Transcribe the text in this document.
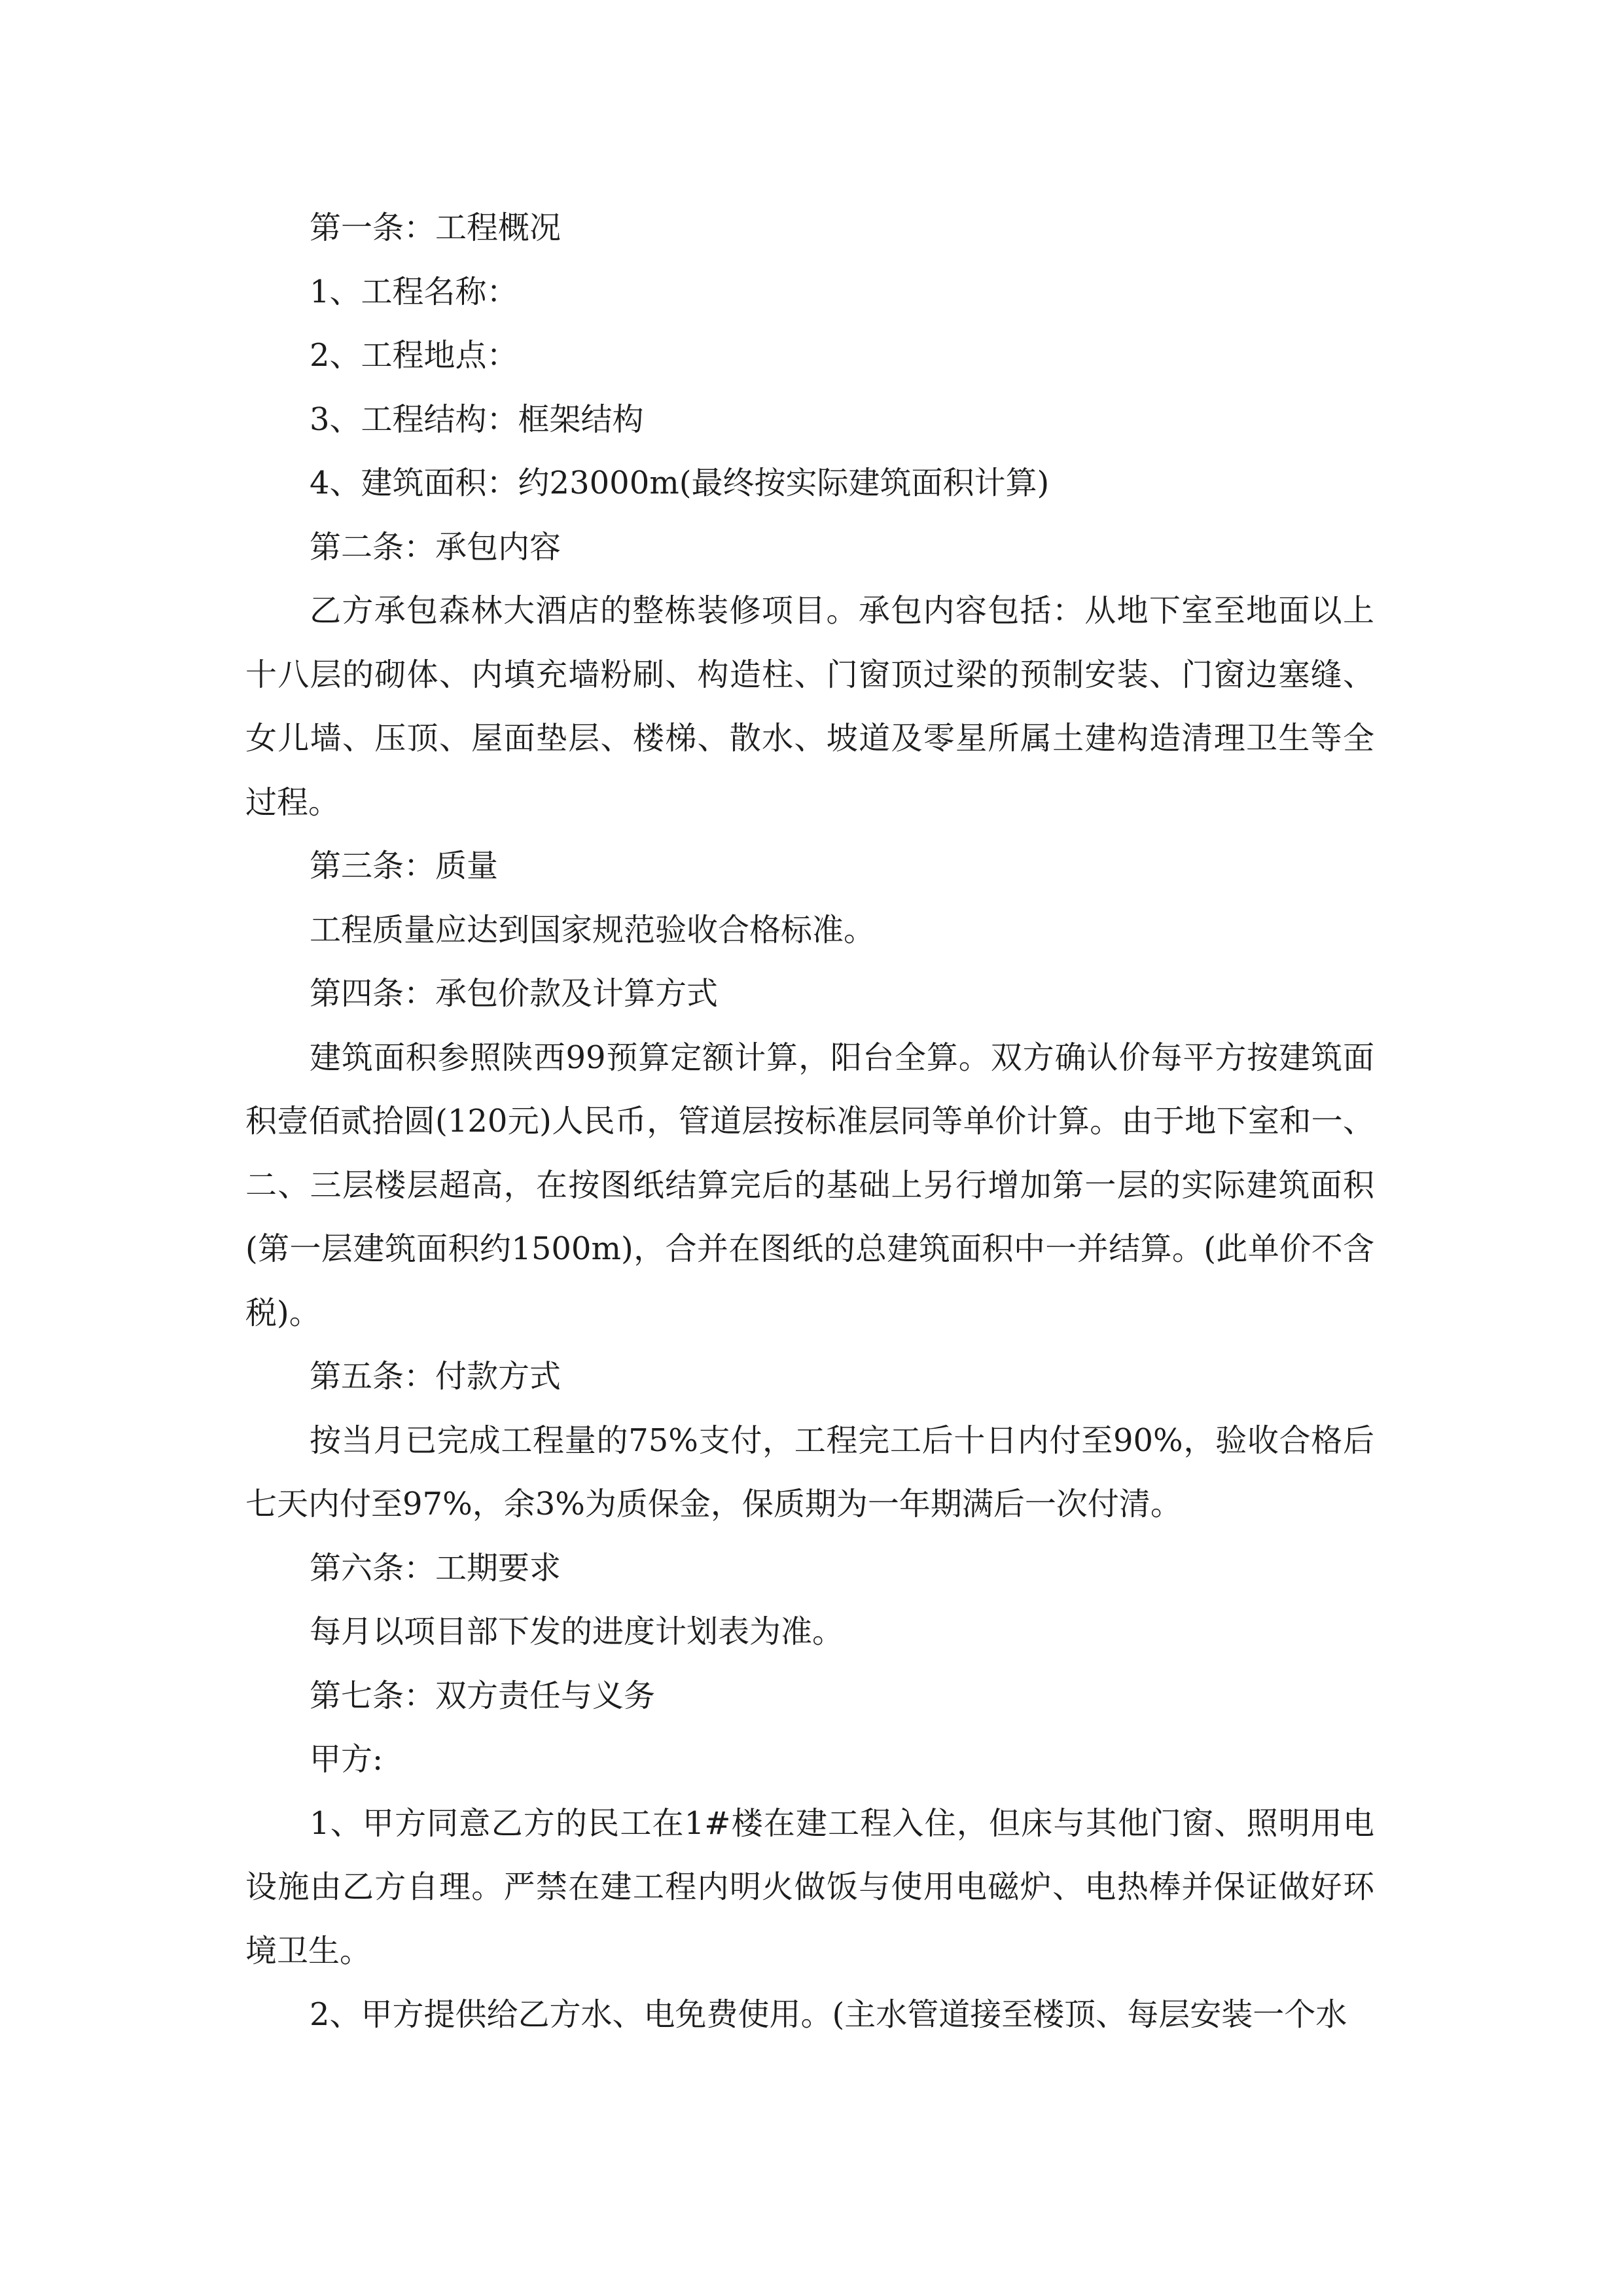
第一条：工程概况

1、工程名称：

2、工程地点：

3、工程结构：框架结构

4、建筑面积：约23000m(最终按实际建筑面积计算)

第二条：承包内容

乙方承包森林大酒店的整栋装修项目。承包内容包括：从地下室至地面以上十八层的砌体、内填充墙粉刷、构造柱、门窗顶过梁的预制安装、门窗边塞缝、女儿墙、压顶、屋面垫层、楼梯、散水、坡道及零星所属土建构造清理卫生等全过程。

第三条：质量

工程质量应达到国家规范验收合格标准。

第四条：承包价款及计算方式

建筑面积参照陕西99预算定额计算，阳台全算。双方确认价每平方按建筑面积壹佰贰拾圆(120元)人民币，管道层按标准层同等单价计算。由于地下室和一、二、三层楼层超高，在按图纸结算完后的基础上另行增加第一层的实际建筑面积(第一层建筑面积约1500m)，合并在图纸的总建筑面积中一并结算。(此单价不含税)。

第五条：付款方式

按当月已完成工程量的75%支付，工程完工后十日内付至90%，验收合格后七天内付至97%，余3%为质保金，保质期为一年期满后一次付清。

第六条：工期要求

每月以项目部下发的进度计划表为准。

第七条：双方责任与义务

甲方:

1、甲方同意乙方的民工在1#楼在建工程入住，但床与其他门窗、照明用电设施由乙方自理。严禁在建工程内明火做饭与使用电磁炉、电热棒并保证做好环境卫生。

2、甲方提供给乙方水、电免费使用。(主水管道接至楼顶、每层安装一个水
